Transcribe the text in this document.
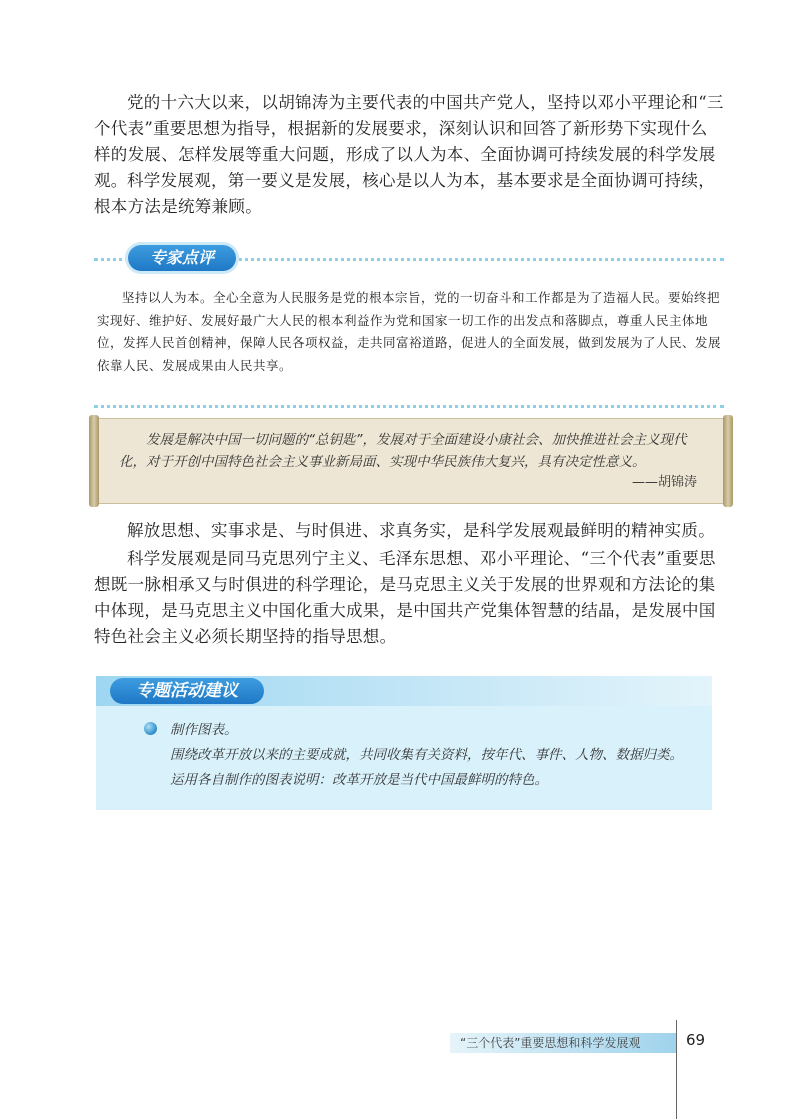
党的十六大以来，以胡锦涛为主要代表的中国共产党人，坚持以邓小平理论和“三个代表”重要思想为指导，根据新的发展要求，深刻认识和回答了新形势下实现什么样的发展、怎样发展等重大问题，形成了以人为本、全面协调可持续发展的科学发展观。 科学发展观，第一要义是发展，核心是以人为本，基本要求是全面协调可持续，根本方法是统筹兼顾。

专家点评

坚持以人为本。全心全意为人民服务是党的根本宗旨，党的一切奋斗和工作都是为了造福人民。要始终把实现好、维护好、发展好最广大人民的根本利益作为党和国家一切工作的出发点和落脚点，尊重人民主体地位，发挥人民首创精神，保障人民各项权益，走共同富裕道路，促进人的全面发展，做到发展为了人民、发展依靠人民、发展成果由人民共享。

发展是解决中国一切问题的“总钥匙”，发展对于全面建设小康社会、加快推进社会主义现代化，对于开创中国特色社会主义事业新局面、实现中华民族伟大复兴，具有决定性意义。

——胡锦涛

解放思想、实事求是、与时俱进、求真务实，是科学发展观最鲜明的精神实质。

科学发展观是同马克思列宁主义、毛泽东思想、邓小平理论、“三个代表”重要思想既一脉相承又与时俱进的科学理论，是马克思主义关于发展的世界观和方法论的集中体现，是马克思主义中国化重大成果，是中国共产党集体智慧的结晶，是发展中国特色社会主义必须长期坚持的指导思想。

专题活动建议
制作图表。
围绕改革开放以来的主要成就，共同收集有关资料，按年代、事件、人物、数据归类。
运用各自制作的图表说明：改革开放是当代中国最鲜明的特色。
“三个代表”重要思想和科学发展观	69
